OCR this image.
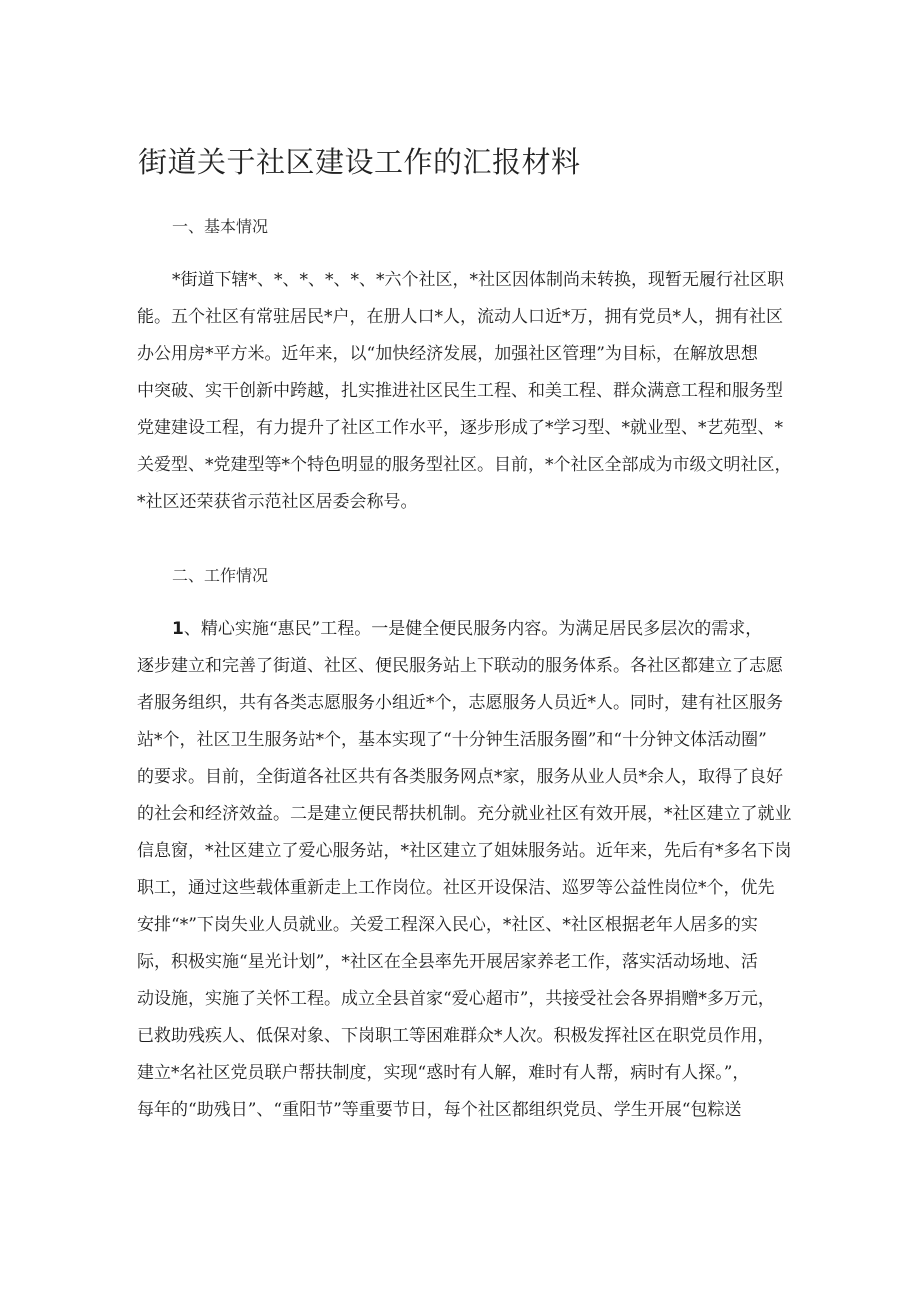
街道关于社区建设工作的汇报材料
一、基本情况
*街道下辖*、*、*、*、*、*六个社区，*社区因体制尚未转换，现暂无履行社区职
能。五个社区有常驻居民*户，在册人口*人，流动人口近*万，拥有党员*人，拥有社区
办公用房*平方米。近年来，以“加快经济发展，加强社区管理”为目标，在解放思想
中突破、实干创新中跨越，扎实推进社区民生工程、和美工程、群众满意工程和服务型
党建建设工程，有力提升了社区工作水平，逐步形成了*学习型、*就业型、*艺苑型、*
关爱型、*党建型等*个特色明显的服务型社区。目前，*个社区全部成为市级文明社区，
*社区还荣获省示范社区居委会称号。
二、工作情况
1、精心实施“惠民”工程。一是健全便民服务内容。为满足居民多层次的需求，
逐步建立和完善了街道、社区、便民服务站上下联动的服务体系。各社区都建立了志愿
者服务组织，共有各类志愿服务小组近*个，志愿服务人员近*人。同时，建有社区服务
站*个，社区卫生服务站*个，基本实现了“十分钟生活服务圈”和“十分钟文体活动圈”
的要求。目前，全街道各社区共有各类服务网点*家，服务从业人员*余人，取得了良好
的社会和经济效益。二是建立便民帮扶机制。充分就业社区有效开展，*社区建立了就业
信息窗，*社区建立了爱心服务站，*社区建立了姐妹服务站。近年来，先后有*多名下岗
职工，通过这些载体重新走上工作岗位。社区开设保洁、巡罗等公益性岗位*个，优先
安排“*”下岗失业人员就业。关爱工程深入民心，*社区、*社区根据老年人居多的实
际，积极实施“星光计划”，*社区在全县率先开展居家养老工作，落实活动场地、活
动设施，实施了关怀工程。成立全县首家“爱心超市”，共接受社会各界捐赠*多万元，
已救助残疾人、低保对象、下岗职工等困难群众*人次。积极发挥社区在职党员作用，
建立*名社区党员联户帮扶制度，实现“惑时有人解，难时有人帮，病时有人探。”，
每年的“助残日”、“重阳节”等重要节日，每个社区都组织党员、学生开展“包粽送
